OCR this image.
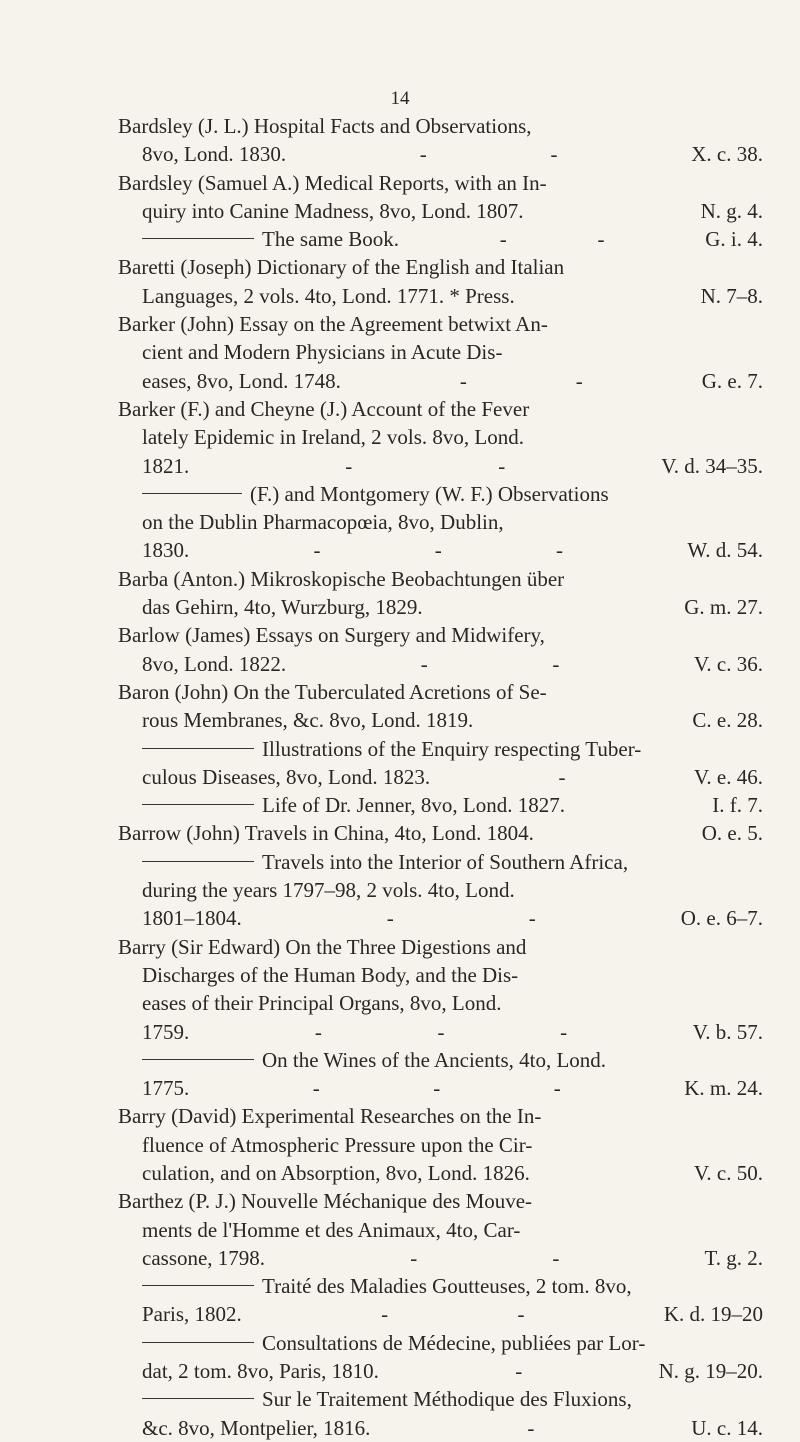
14
Bardsley (J. L.) Hospital Facts and Observations,
8vo, Lond. 1830.	-	-	X. c. 38.
Bardsley (Samuel A.) Medical Reports, with an In-
quiry into Canine Madness, 8vo, Lond. 1807.	N. g. 4.
The same Book.	-	-	G. i. 4.
Baretti (Joseph) Dictionary of the English and Italian
Languages, 2 vols. 4to, Lond. 1771. * Press.	N. 7–8.
Barker (John) Essay on the Agreement betwixt An-
cient and Modern Physicians in Acute Dis-
eases, 8vo, Lond. 1748.	-	-	G. e. 7.
Barker (F.) and Cheyne (J.) Account of the Fever
lately Epidemic in Ireland, 2 vols. 8vo, Lond.
1821.	-	-	V. d. 34–35.
(F.) and Montgomery (W. F.) Observations
on the Dublin Pharmacopœia, 8vo, Dublin,
1830.	-	-	-	W. d. 54.
Barba (Anton.) Mikroskopische Beobachtungen über
das Gehirn, 4to, Wurzburg, 1829.	G. m. 27.
Barlow (James) Essays on Surgery and Midwifery,
8vo, Lond. 1822.	-	-	V. c. 36.
Baron (John) On the Tuberculated Acretions of Se-
rous Membranes, &c. 8vo, Lond. 1819.	C. e. 28.
Illustrations of the Enquiry respecting Tuber-
culous Diseases, 8vo, Lond. 1823.	-	V. e. 46.
Life of Dr. Jenner, 8vo, Lond. 1827.	I. f. 7.
Barrow (John) Travels in China, 4to, Lond. 1804.	O. e. 5.
Travels into the Interior of Southern Africa,
during the years 1797–98, 2 vols. 4to, Lond.
1801–1804.	-	-	O. e. 6–7.
Barry (Sir Edward) On the Three Digestions and
Discharges of the Human Body, and the Dis-
eases of their Principal Organs, 8vo, Lond.
1759.	-	-	-	V. b. 57.
On the Wines of the Ancients, 4to, Lond.
1775.	-	-	-	K. m. 24.
Barry (David) Experimental Researches on the In-
fluence of Atmospheric Pressure upon the Cir-
culation, and on Absorption, 8vo, Lond. 1826.	V. c. 50.
Barthez (P. J.) Nouvelle Méchanique des Mouve-
ments de l'Homme et des Animaux, 4to, Car-
cassone, 1798.	-	-	T. g. 2.
Traité des Maladies Goutteuses, 2 tom. 8vo,
Paris, 1802.	-	-	K. d. 19–20
Consultations de Médecine, publiées par Lor-
dat, 2 tom. 8vo, Paris, 1810.	-	N. g. 19–20.
Sur le Traitement Méthodique des Fluxions,
&c. 8vo, Montpelier, 1816.	-	U. c. 14.
